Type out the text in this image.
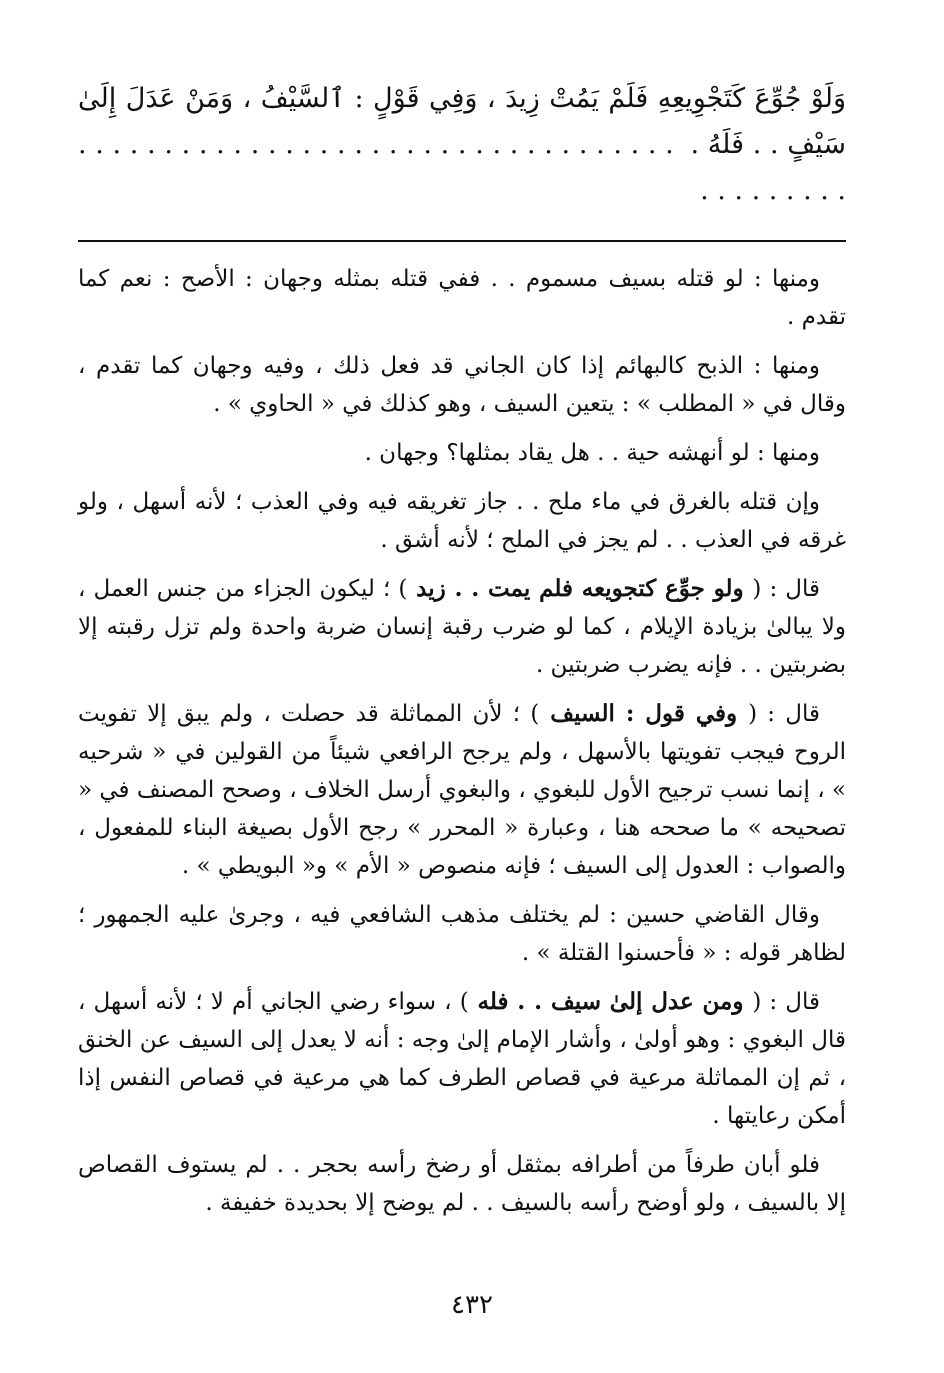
وَلَوْ جُوِّعَ كَتَجْوِيعِهِ فَلَمْ يَمُتْ زِيدَ ، وَفِي قَوْلٍ : ٱلسَّيْفُ ، وَمَنْ عَدَلَ إِلَىٰ سَيْفٍ . . فَلَهُ . . . . . . . . . . . . . . . . . . . . . . . . . . . . . . . . . . . . . . . . . . . . .

ومنها : لو قتله بسيف مسموم . . ففي قتله بمثله وجهان : الأصح : نعم كما تقدم .

ومنها : الذبح كالبهائم إذا كان الجاني قد فعل ذلك ، وفيه وجهان كما تقدم ، وقال في « المطلب » : يتعين السيف ، وهو كذلك في « الحاوي » .

ومنها : لو أنهشه حية . . هل يقاد بمثلها؟ وجهان .

وإن قتله بالغرق في ماء ملح . . جاز تغريقه فيه وفي العذب ؛ لأنه أسهل ، ولو غرقه في العذب . . لم يجز في الملح ؛ لأنه أشق .

قال : ( ولو جوِّع كتجويعه فلم يمت . . زيد ) ؛ ليكون الجزاء من جنس العمل ، ولا يبالىٰ بزيادة الإيلام ، كما لو ضرب رقبة إنسان ضربة واحدة ولم تزل رقبته إلا بضربتين . . فإنه يضرب ضربتين .

قال : ( وفي قول : السيف ) ؛ لأن المماثلة قد حصلت ، ولم يبق إلا تفويت الروح فيجب تفويتها بالأسهل ، ولم يرجح الرافعي شيئاً من القولين في « شرحيه » ، إنما نسب ترجيح الأول للبغوي ، والبغوي أرسل الخلاف ، وصحح المصنف في « تصحيحه » ما صححه هنا ، وعبارة « المحرر » رجح الأول بصيغة البناء للمفعول ، والصواب : العدول إلى السيف ؛ فإنه منصوص « الأم » و« البويطي » .

وقال القاضي حسين : لم يختلف مذهب الشافعي فيه ، وجرىٰ عليه الجمهور ؛ لظاهر قوله : « فأحسنوا القتلة » .

قال : ( ومن عدل إلىٰ سيف . . فله ) ، سواء رضي الجاني أم لا ؛ لأنه أسهل ، قال البغوي : وهو أولىٰ ، وأشار الإمام إلىٰ وجه : أنه لا يعدل إلى السيف عن الخنق ، ثم إن المماثلة مرعية في قصاص الطرف كما هي مرعية في قصاص النفس إذا أمكن رعايتها .

فلو أبان طرفاً من أطرافه بمثقل أو رضخ رأسه بحجر . . لم يستوف القصاص إلا بالسيف ، ولو أوضح رأسه بالسيف . . لم يوضح إلا بحديدة خفيفة .

٤٣٢
